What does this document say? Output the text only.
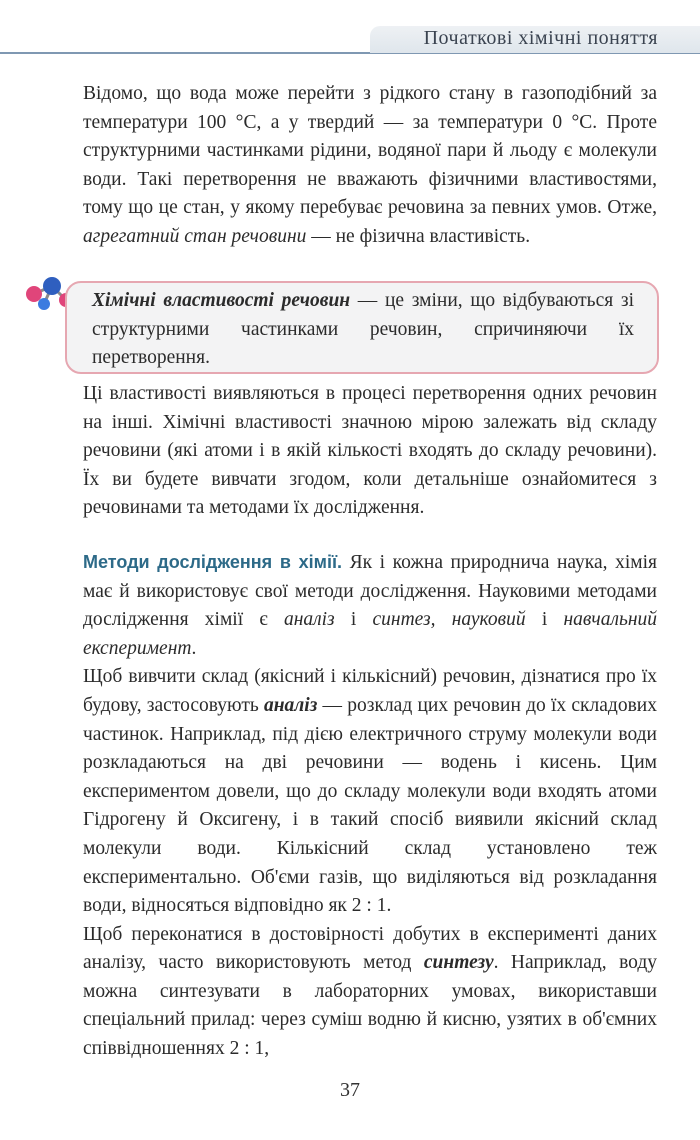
Початкові хімічні поняття

Відомо, що вода може перейти з рідкого стану в газоподібний за температури 100 °С, а у твердий — за температури 0 °С. Проте структурними частинками рідини, водяної пари й льоду є молекули води. Такі перетворення не вважають фізичними властивостями, тому що це стан, у якому перебуває речовина за певних умов. Отже, агрегатний стан речовини — не фізична властивість.

Хімічні властивості речовин — це зміни, що відбуваються зі структурними частинками речовин, спричиняючи їх перетворення.

Ці властивості виявляються в процесі перетворення одних речовин на інші. Хімічні властивості значною мірою залежать від складу речовини (які атоми і в якій кількості входять до складу речовини). Їх ви будете вивчати згодом, коли детальніше ознайомитеся з речовинами та методами їх дослідження.

Методи дослідження в хімії. Як і кожна природнича наука, хімія має й використовує свої методи дослідження. Науковими методами дослідження хімії є аналіз і синтез, науковий і навчальний експеримент.

Щоб вивчити склад (якісний і кількісний) речовин, дізнатися про їх будову, застосовують аналіз — розклад цих речовин до їх складових частинок. Наприклад, під дією електричного струму молекули води розкладаються на дві речовини — водень і кисень. Цим експериментом довели, що до складу молекули води входять атоми Гідрогену й Оксигену, і в такий спосіб виявили якісний склад молекули води. Кількісний склад установлено теж експериментально. Об'єми газів, що виділяються від розкладання води, відносяться відповідно як 2 : 1.

Щоб переконатися в достовірності добутих в експерименті даних аналізу, часто використовують метод синтезу. Наприклад, воду можна синтезувати в лабораторних умовах, використавши спеціальний прилад: через суміш водню й кисню, узятих в об'ємних співвідношеннях 2 : 1,

37
